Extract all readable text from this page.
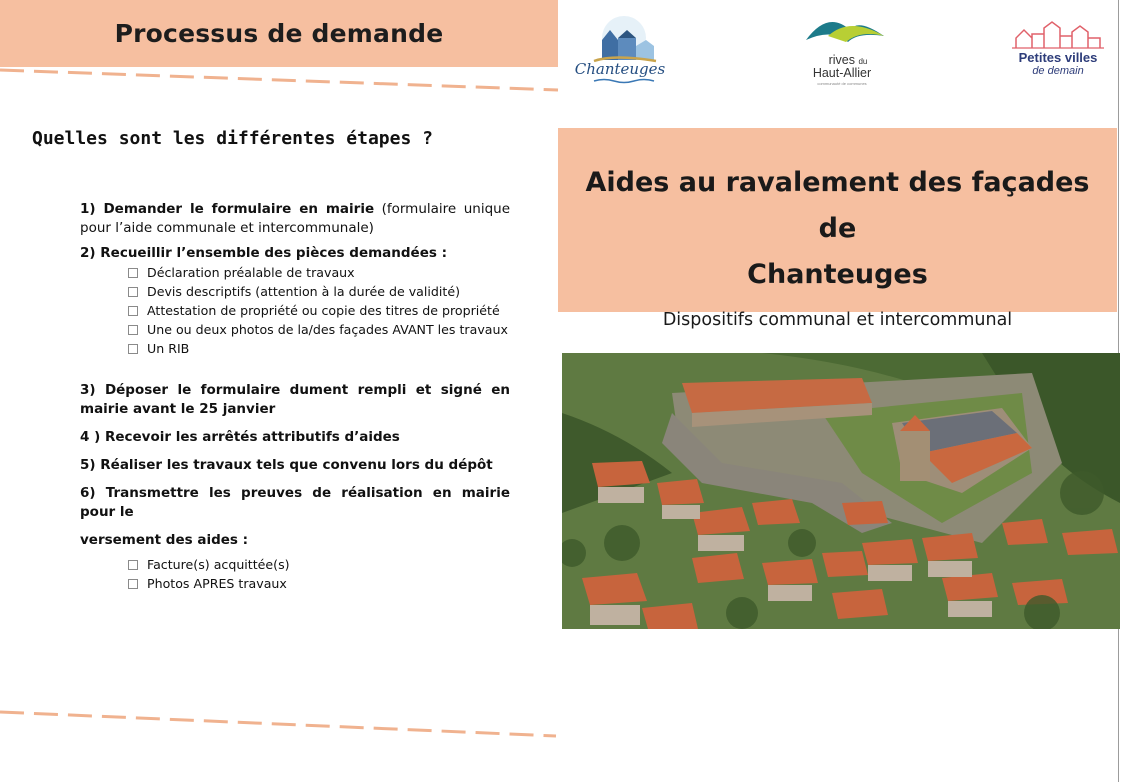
Processus de demande
Quelles sont les différentes étapes ?

1) Demander le formulaire en mairie (formulaire unique pour l’aide communale et intercommunale)

2) Recueillir l’ensemble des pièces demandées :

Déclaration préalable de travaux
Devis descriptifs (attention à la durée de validité)
Attestation de propriété ou copie des titres de propriété
Une ou deux photos de la/des façades AVANT les travaux
Un RIB

3) Déposer le formulaire dument rempli et signé en mairie avant le 25 janvier

4 ) Recevoir les arrêtés attributifs d’aides

5) Réaliser les travaux tels que convenu lors du dépôt

6) Transmettre les preuves de réalisation en mairie pour le

versement des aides :

Facture(s) acquittée(s)
Photos APRES travaux
Chanteuges	rives du
Haut-Allier
communauté de communes
Petites villes
de demain
Aides au ravalement des façades de
Chanteuges
Dispositifs communal et intercommunal
